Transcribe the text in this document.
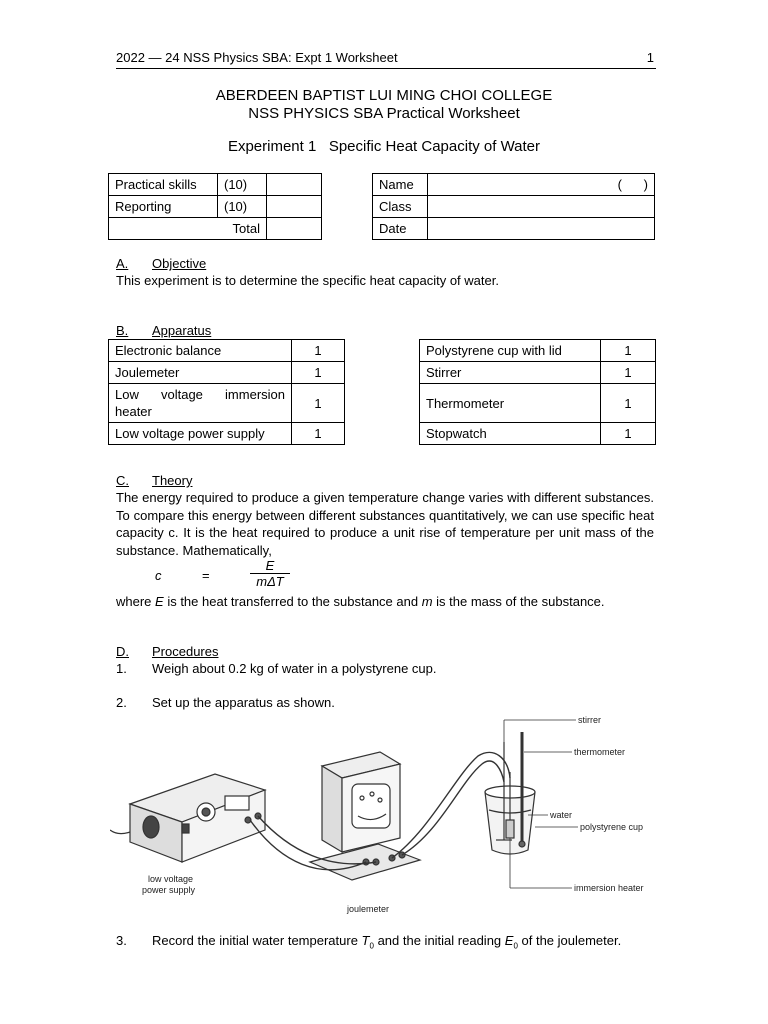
2022 — 24 NSS Physics SBA: Expt 1 Worksheet	1
ABERDEEN BAPTIST LUI MING CHOI COLLEGE
NSS PHYSICS SBA Practical Worksheet
Experiment 1   Specific Heat Capacity of Water
Practical skills	(10)	
Reporting	(10)	
Total		
Name	(      )
Class	
Date	
A. Objective
This experiment is to determine the specific heat capacity of water.
B. Apparatus
Electronic balance	1
Joulemeter	1
Low voltage immersion heater	1
Low voltage power supply	1
Polystyrene cup with lid	1
Stirrer	1
Thermometer	1
Stopwatch	1
C. Theory
The energy required to produce a given temperature change varies with different substances. To compare this energy between different substances quantitatively, we can use specific heat capacity c. It is the heat required to produce a unit rise of temperature per unit mass of the substance. Mathematically,
c	=
E
mΔT
where E is the heat transferred to the substance and m is the mass of the substance.
D. Procedures
1. Weigh about 0.2 kg of water in a polystyrene cup.
2. Set up the apparatus as shown.
stirrer
thermometer
water
polystyrene cup
immersion heater
low voltage
power supply
joulemeter
3. Record the initial water temperature $T_0$ and the initial reading $E_0$ of the joulemeter.
